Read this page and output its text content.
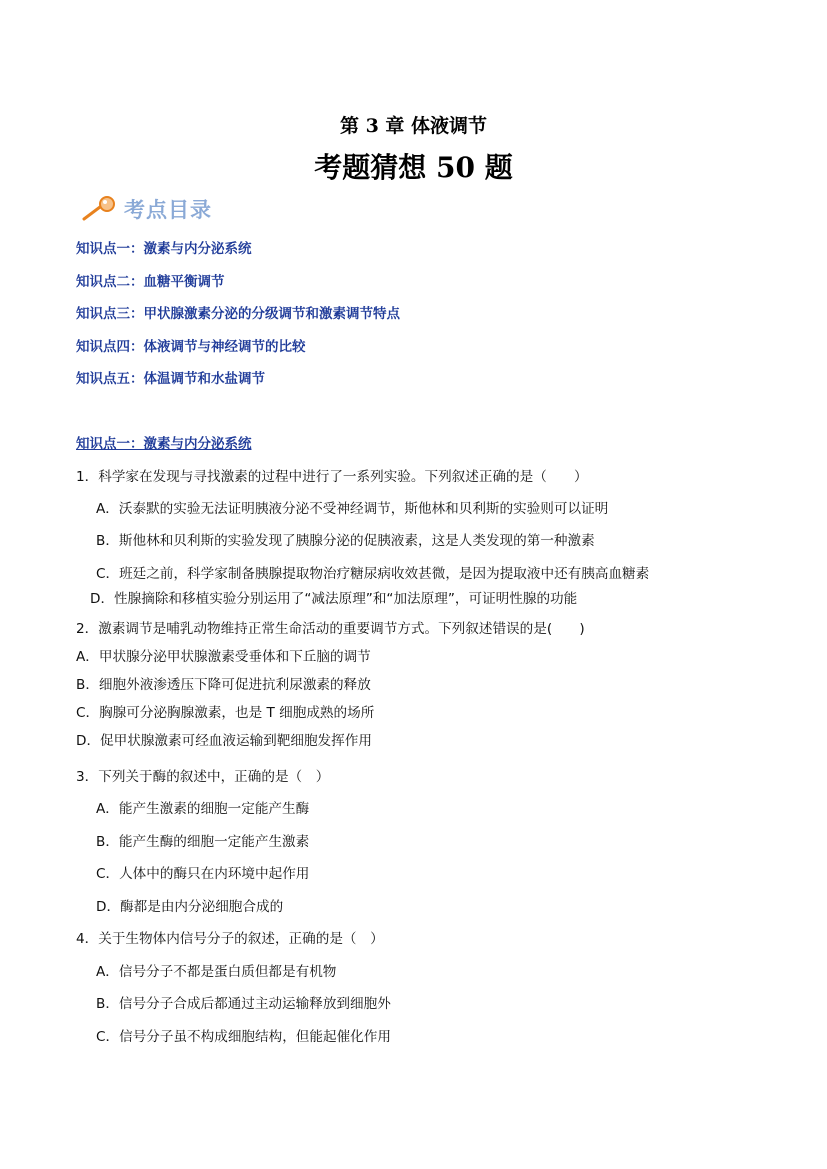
第 3 章 体液调节
考题猜想 50 题
考点目录
知识点一：激素与内分泌系统
知识点二：血糖平衡调节
知识点三：甲状腺激素分泌的分级调节和激素调节特点
知识点四：体液调节与神经调节的比较
知识点五：体温调节和水盐调节
知识点一：激素与内分泌系统
1．科学家在发现与寻找激素的过程中进行了一系列实验。下列叙述正确的是（　　）
A．沃泰默的实验无法证明胰液分泌不受神经调节，斯他林和贝利斯的实验则可以证明
B．斯他林和贝利斯的实验发现了胰腺分泌的促胰液素，这是人类发现的第一种激素
C．班廷之前，科学家制备胰腺提取物治疗糖尿病收效甚微，是因为提取液中还有胰高血糖素
D．性腺摘除和移植实验分别运用了“减法原理”和“加法原理”，可证明性腺的功能
2．激素调节是哺乳动物维持正常生命活动的重要调节方式。下列叙述错误的是(　　)
A．甲状腺分泌甲状腺激素受垂体和下丘脑的调节
B．细胞外液渗透压下降可促进抗利尿激素的释放
C．胸腺可分泌胸腺激素，也是 T 细胞成熟的场所
D．促甲状腺激素可经血液运输到靶细胞发挥作用
3．下列关于酶的叙述中，正确的是（　）
A．能产生激素的细胞一定能产生酶
B．能产生酶的细胞一定能产生激素
C．人体中的酶只在内环境中起作用
D．酶都是由内分泌细胞合成的
4．关于生物体内信号分子的叙述，正确的是（　）
A．信号分子不都是蛋白质但都是有机物
B．信号分子合成后都通过主动运输释放到细胞外
C．信号分子虽不构成细胞结构，但能起催化作用
